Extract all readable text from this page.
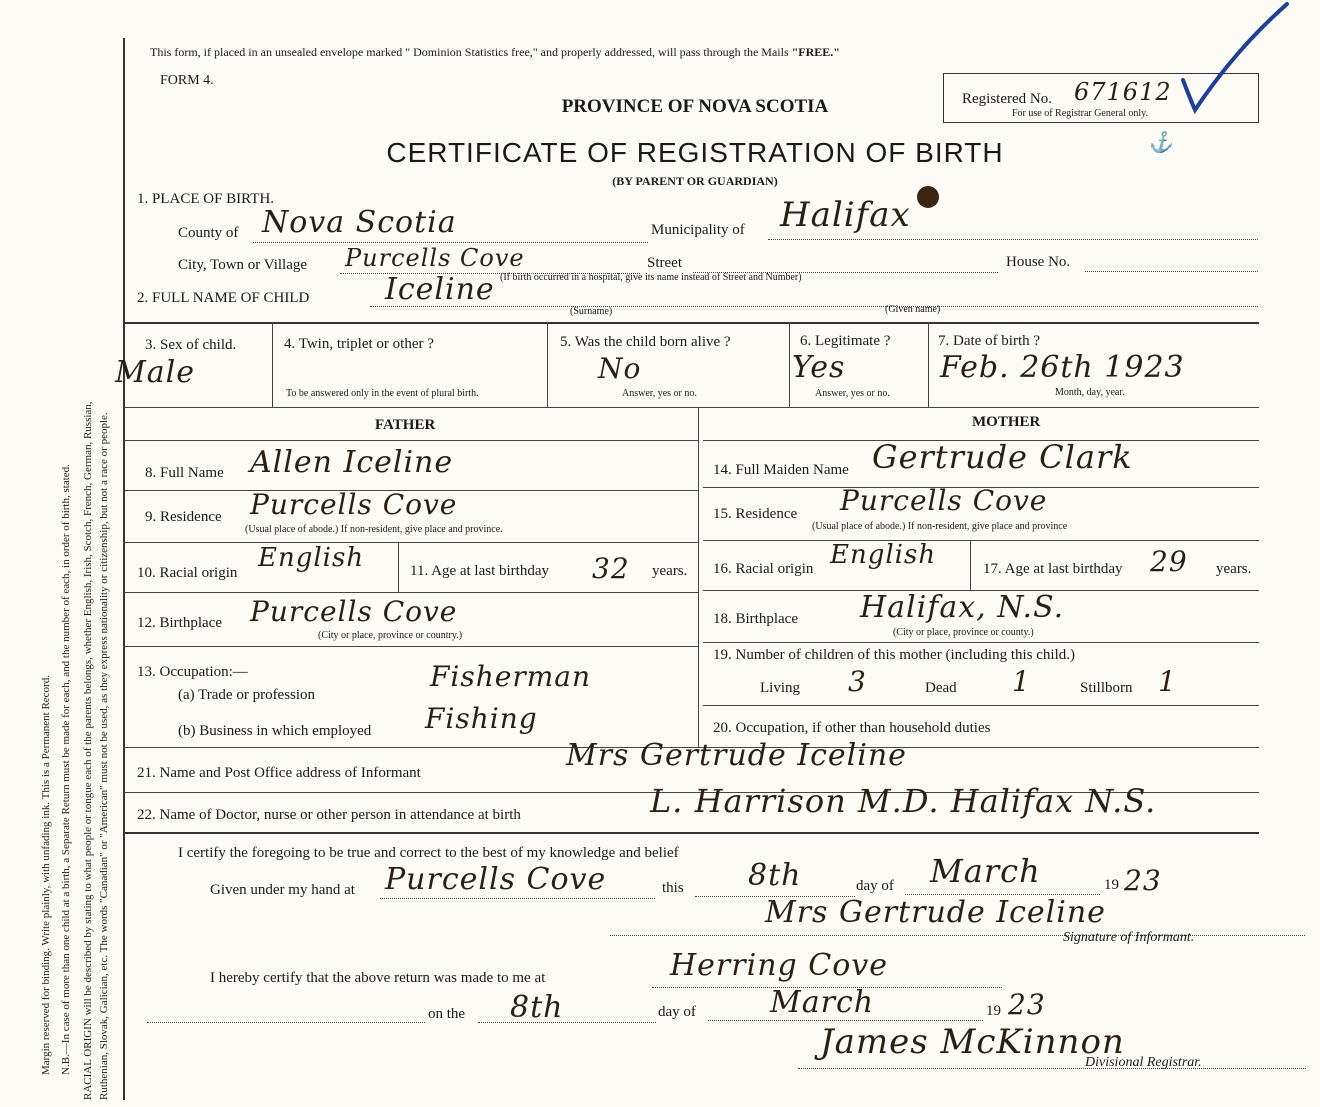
Margin reserved for binding. Write plainly, with unfading ink. This is a Permanent Record. N.B.—In case of more than one child at a birth, a Separate Return must be made for each, and the number of each, in order of birth, stated. RACIAL ORIGIN will be described by stating to what people or tongue each of the parents belongs, whether English, Irish, Scotch, French, German, Russian, Ruthenian, Slovak, Galician, etc. The words "Canadian" or "American" must not be used, as they express nationality or citizenship, but not a race or people.
This form, if placed in an unsealed envelope marked " Dominion Statistics free," and properly addressed, will pass through the Mails "FREE."
FORM 4.
PROVINCE OF NOVA SCOTIA
CERTIFICATE OF REGISTRATION OF BIRTH
(BY PARENT OR GUARDIAN)
Registered No. 671612
For use of Registrar General only.
⚓
1. PLACE OF BIRTH.
County of Nova Scotia	Municipality of Halifax
City, Town or Village Purcells Cove	Street	House No.
(If birth occurred in a hospital, give its name instead of Street and Number)
2. FULL NAME OF CHILD	Iceline
(Surname)	(Given name)
3. Sex of child.
Male
4. Twin, triplet or other ?
To be answered only in the event of plural birth.
5. Was the child born alive ?
No
Answer, yes or no.
6. Legitimate ?
Yes
Answer, yes or no.
7. Date of birth ?
Feb. 26th 1923
Month, day, year.
FATHER	MOTHER
8. Full Name Allen Iceline
9. Residence Purcells Cove
(Usual place of abode.) If non-resident, give place and province.
10. Racial origin English	11. Age at last birthday 32 years.
12. Birthplace Purcells Cove
(City or place, province or country.)
13. Occupation:—
(a) Trade or profession
Fisherman
(b) Business in which employed Fishing
14. Full Maiden Name Gertrude Clark
15. Residence Purcells Cove
(Usual place of abode.) If non-resident, give place and province
16. Racial origin English	17. Age at last birthday 29 years.
18. Birthplace Halifax, N.S.
(City or place, province or county.)
19. Number of children of this mother (including this child.)
Living 3	Dead 1	Stillborn 1
20. Occupation, if other than household duties
21. Name and Post Office address of Informant	Mrs Gertrude Iceline
22. Name of Doctor, nurse or other person in attendance at birth	L. Harrison M.D. Halifax N.S.
I certify the foregoing to be true and correct to the best of my knowledge and belief
Given under my hand at Purcells Cove	this 8th	day of March	19 23
Mrs Gertrude Iceline
Signature of Informant.
I hereby certify that the above return was made to me at	Herring Cove
on the 8th	day of March	19 23
James McKinnon
Divisional Registrar.
